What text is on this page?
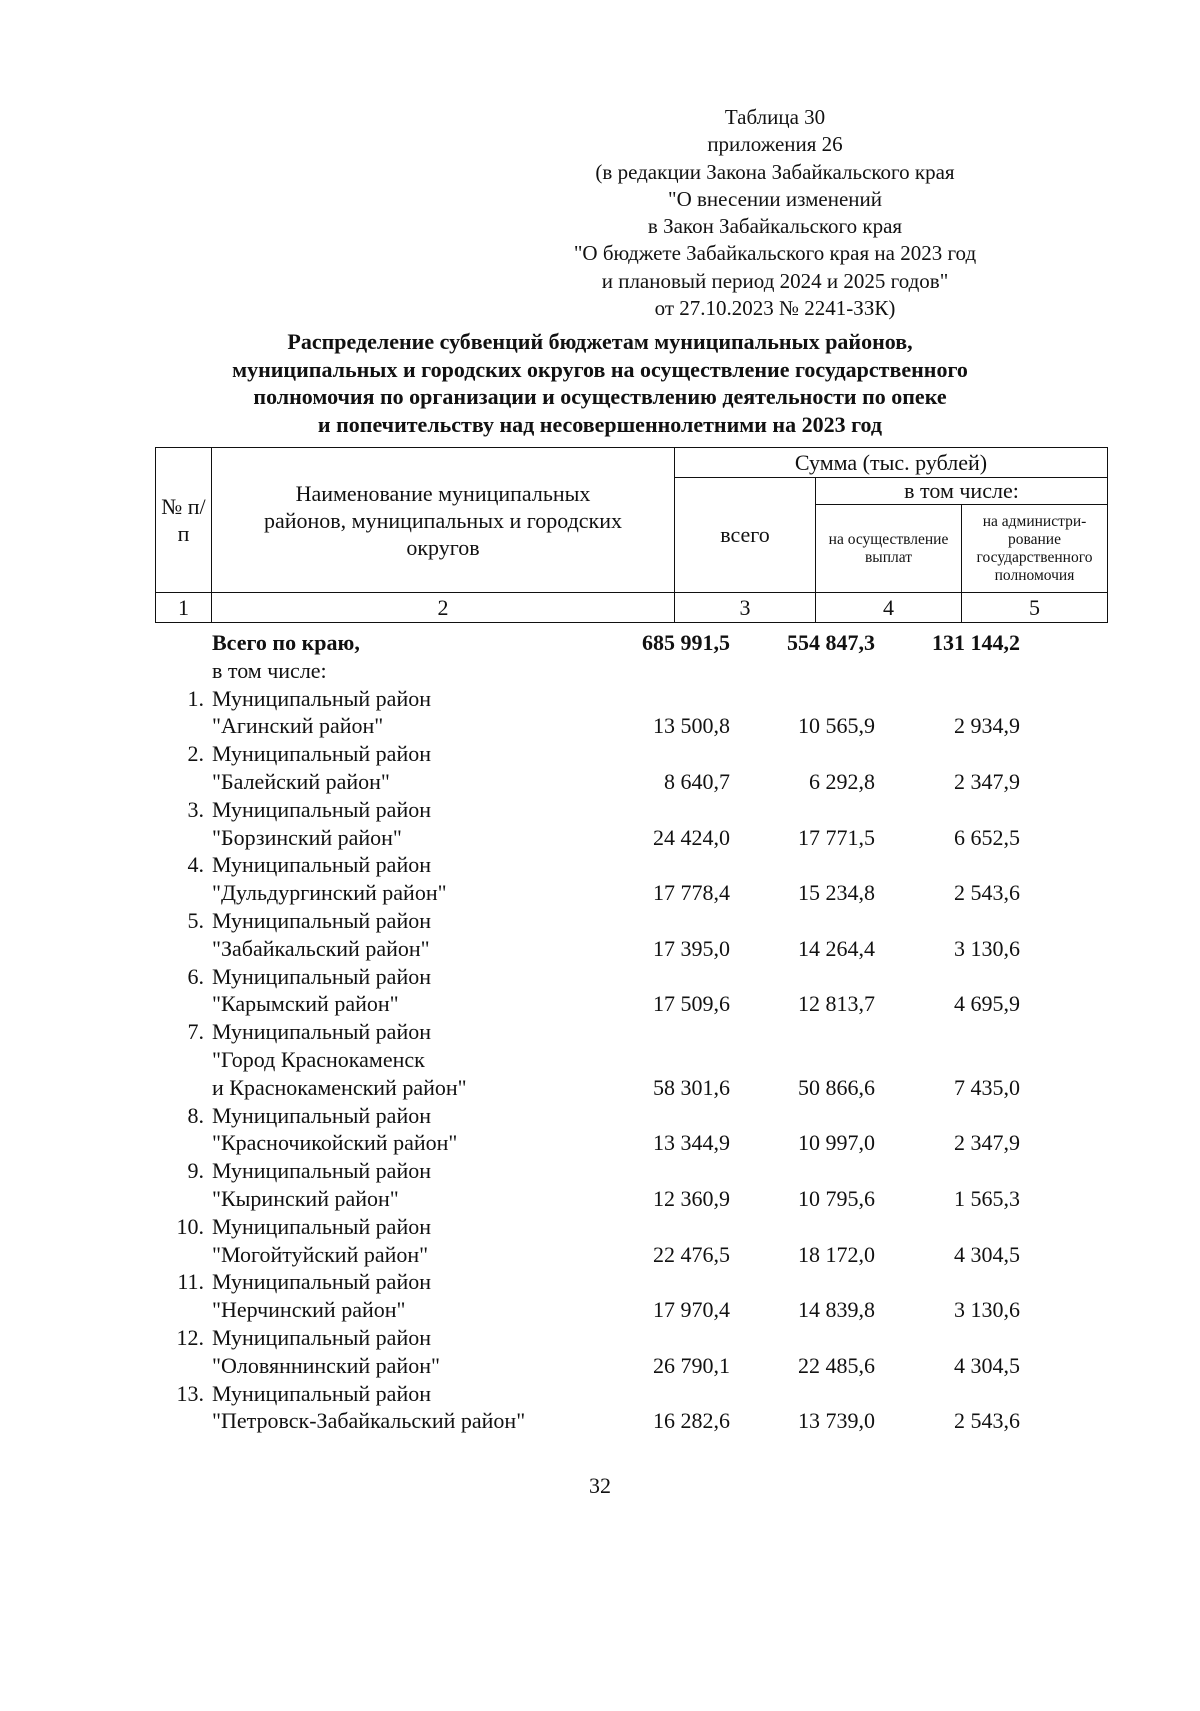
Таблица 30
приложения 26
(в редакции Закона Забайкальского края
"О внесении изменений
в Закон Забайкальского края
"О бюджете Забайкальского края на 2023 год
и плановый период 2024 и 2025 годов"
от 27.10.2023 № 2241-ЗЗК)
Распределение субвенций бюджетам муниципальных районов,
муниципальных и городских округов на осуществление государственного
полномочия по организации и осуществлению деятельности по опеке
и попечительству над несовершеннолетними на 2023 год
№ п/п	Наименование муниципальных районов, муниципальных и городских округов	Сумма (тыс. рублей)		
		всего	в том числе:	
			на осуществление выплат	на администри-рование государственного полномочия
1	2	3	4	5
Всего по краю,	685 991,5	554 847,3	131 144,2
в том числе:
1. Муниципальный район
"Агинский район"	13 500,8	10 565,9	2 934,9
2. Муниципальный район
"Балейский район"	8 640,7	6 292,8	2 347,9
3. Муниципальный район
"Борзинский район"	24 424,0	17 771,5	6 652,5
4. Муниципальный район
"Дульдургинский район"	17 778,4	15 234,8	2 543,6
5. Муниципальный район
"Забайкальский район"	17 395,0	14 264,4	3 130,6
6. Муниципальный район
"Карымский район"	17 509,6	12 813,7	4 695,9
7. Муниципальный район
"Город Краснокаменск
и Краснокаменский район"	58 301,6	50 866,6	7 435,0
8. Муниципальный район
"Красночикойский район"	13 344,9	10 997,0	2 347,9
9. Муниципальный район
"Кыринский район"	12 360,9	10 795,6	1 565,3
10. Муниципальный район
"Могойтуйский район"	22 476,5	18 172,0	4 304,5
11. Муниципальный район
"Нерчинский район"	17 970,4	14 839,8	3 130,6
12. Муниципальный район
"Оловяннинский район"	26 790,1	22 485,6	4 304,5
13. Муниципальный район
"Петровск-Забайкальский район"	16 282,6	13 739,0	2 543,6
32
